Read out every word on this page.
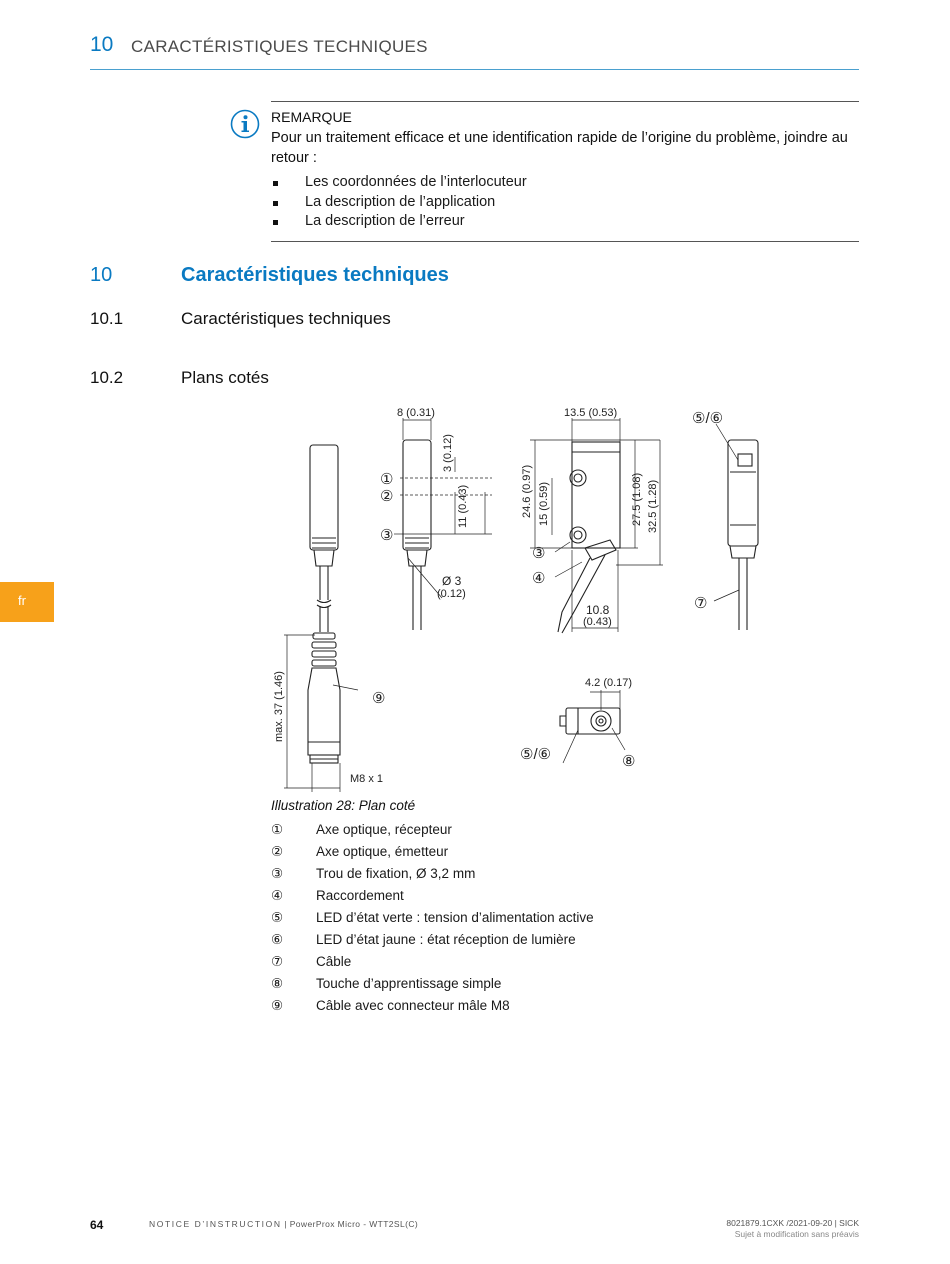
10 CARACTÉRISTIQUES TECHNIQUES
REMARQUE
Pour un traitement efficace et une identification rapide de l’origine du problème, joindre au retour :
Les coordonnées de l’interlocuteur
La description de l’application
La description de l’erreur
10	Caractéristiques techniques
10.1	Caractéristiques techniques
10.2	Plans cotés
fr
8 (0.31)
3 (0.12)
11 (0.43)
Ø 3
(0.12)
13.5 (0.53)
24.6 (0.97) 15 (0.59)	27.5 (1.08) 32.5 (1.28)
10.8
(0.43)
4.2 (0.17)
max. 37 (1.46)
M8 x 1
①
②
③
③
④
⑤/⑥
⑦
⑨
⑤/⑥	⑧
Illustration 28: Plan coté
①	Axe optique, récepteur
②	Axe optique, émetteur
③	Trou de fixation, Ø 3,2 mm
④	Raccordement
⑤	LED d’état verte : tension d’alimentation active
⑥	LED d’état jaune : état réception de lumière
⑦	Câble
⑧	Touche d’apprentissage simple
⑨	Câble avec connecteur mâle M8
64	NOTICE D’INSTRUCTION | PowerProx Micro - WTT2SL(C)	8021879.1CXK /2021-09-20 | SICK
Sujet à modification sans préavis
